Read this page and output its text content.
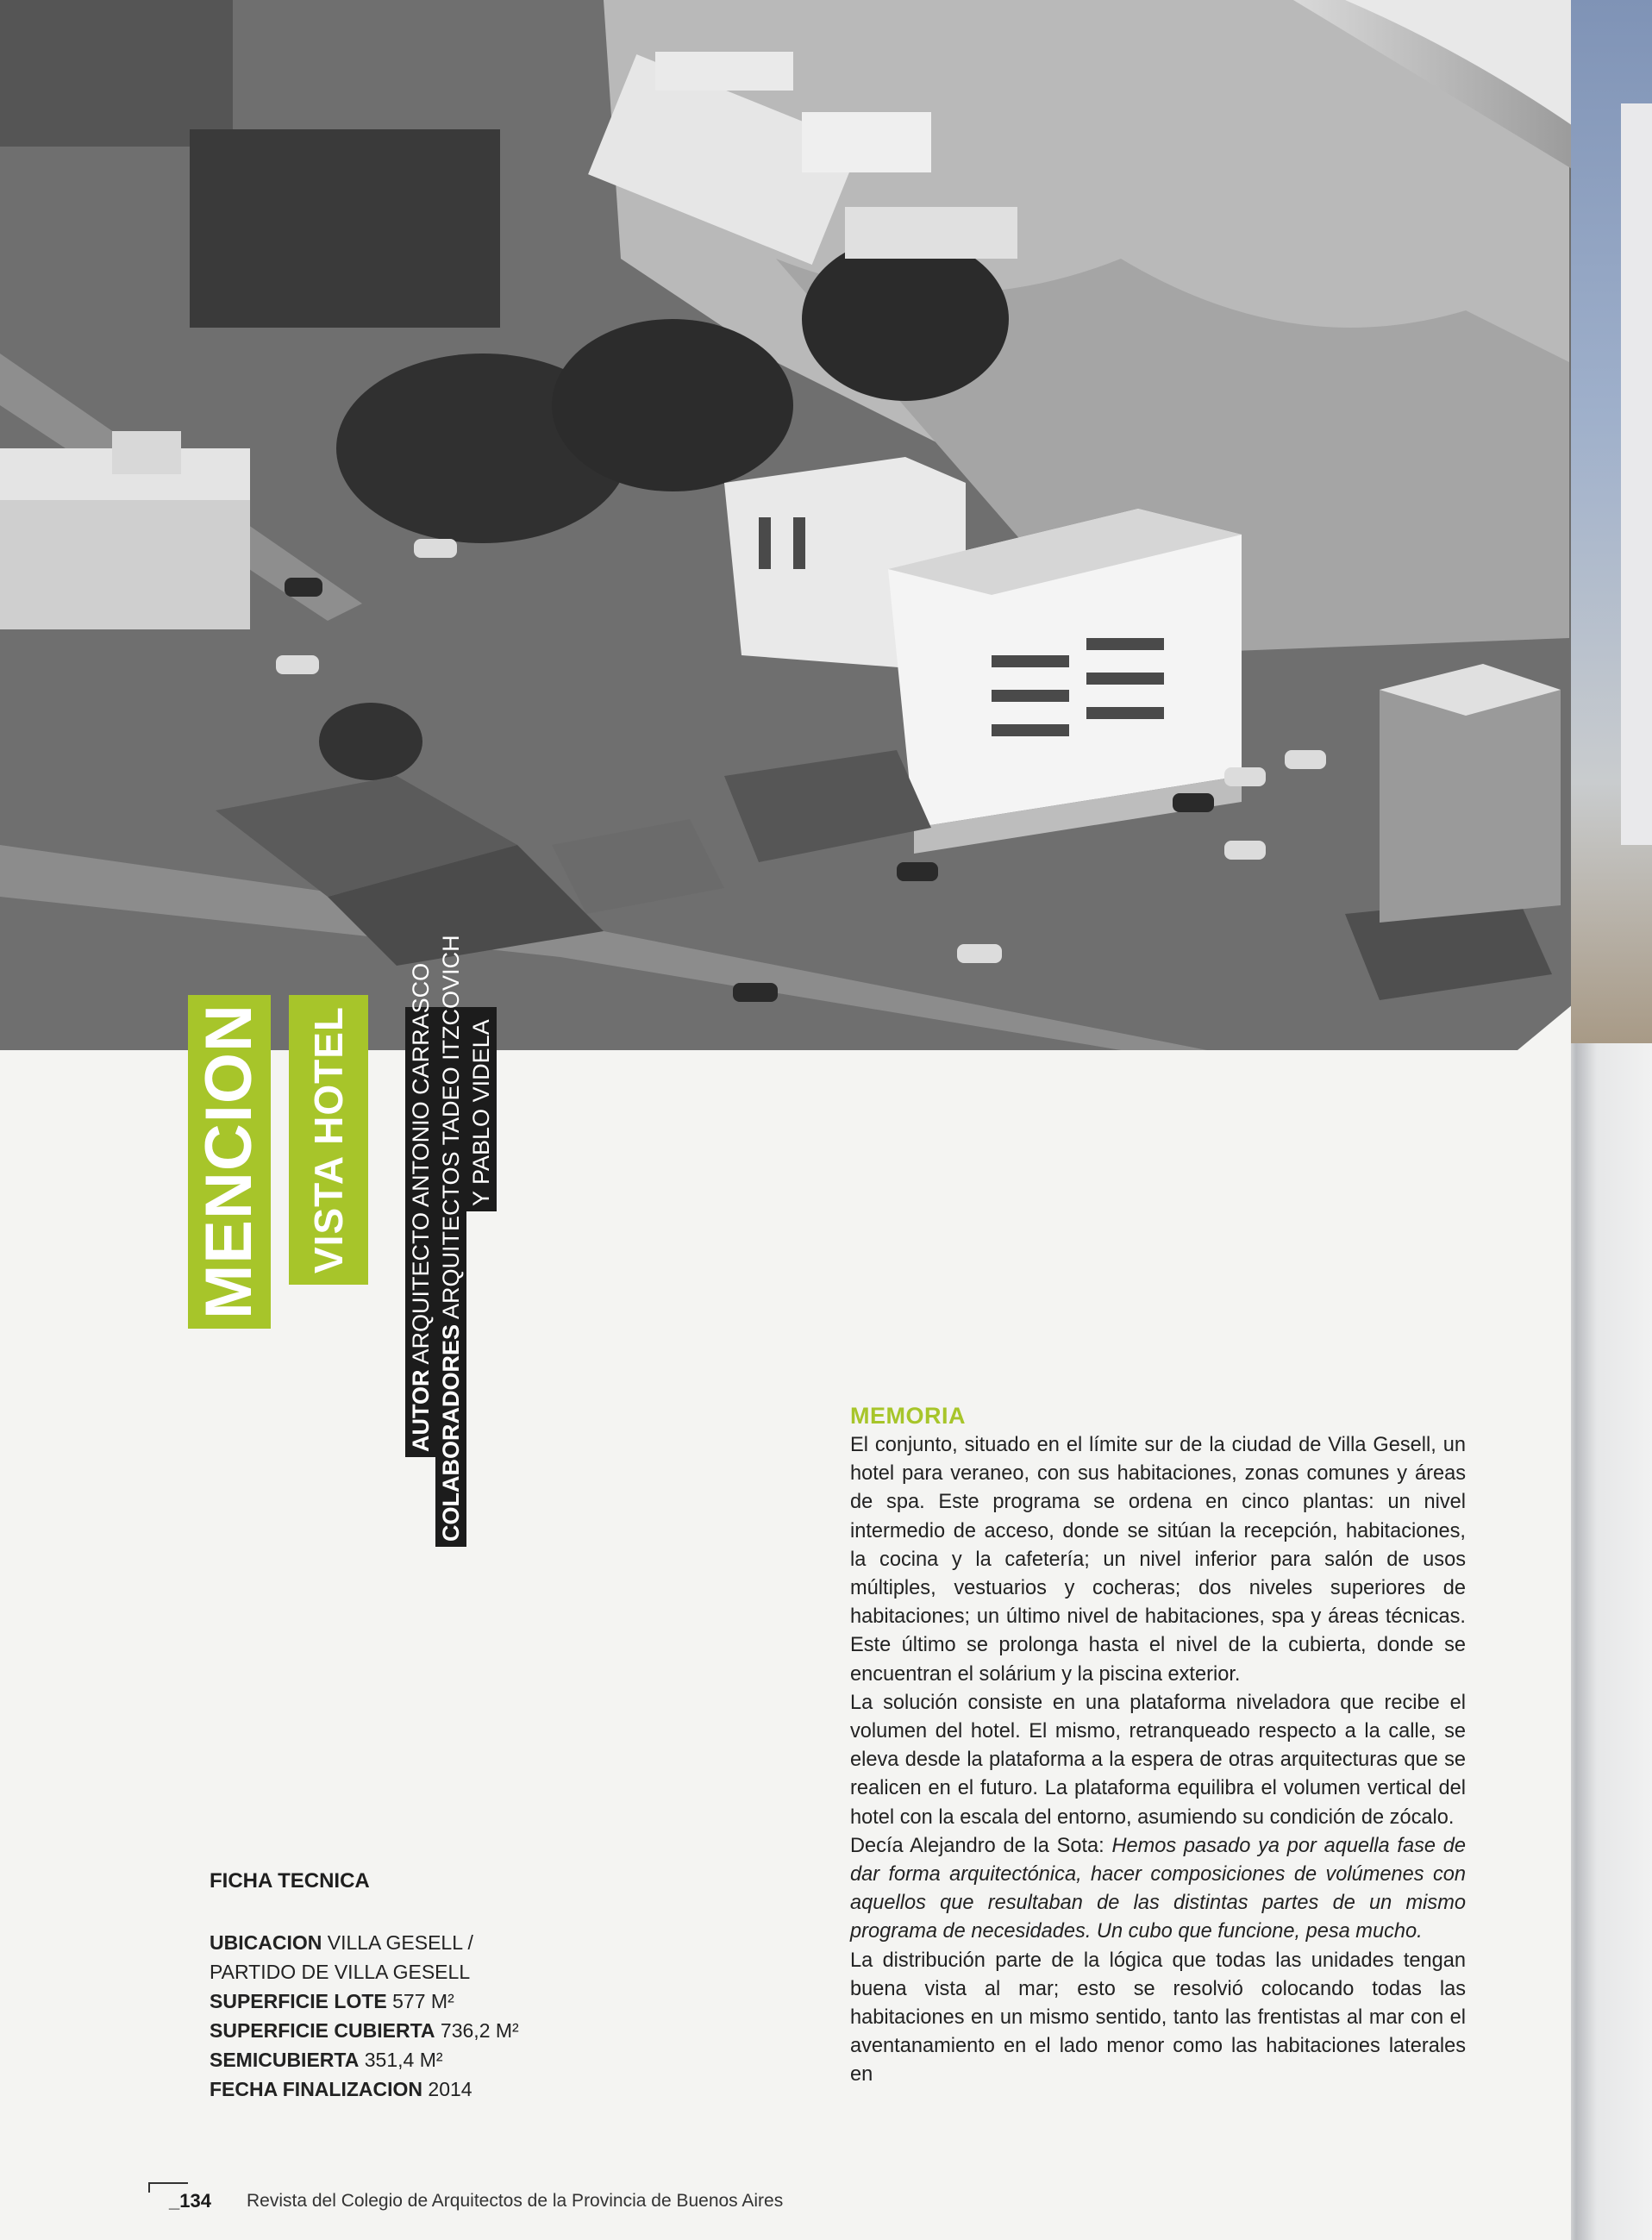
MENCION VISTA HOTEL
AUTOR ARQUITECTO ANTONIO CARRASCO
COLABORADORES ARQUITECTOS TADEO ITZCOVICH Y PABLO VIDELA
MEMORIA

El conjunto, situado en el límite sur de la ciudad de Villa Gesell, un hotel para veraneo, con sus habitaciones, zonas comunes y áreas de spa. Este programa se ordena en cinco plantas: un nivel intermedio de acceso, donde se sitúan la recepción, habitaciones, la cocina y la cafetería; un nivel inferior para salón de usos múltiples, vestuarios y cocheras; dos niveles superiores de habitaciones; un último nivel de habitaciones, spa y áreas técnicas. Este último se prolonga hasta el nivel de la cubierta, donde se encuentran el solárium y la piscina exterior.

La solución consiste en una plataforma niveladora que recibe el volumen del hotel. El mismo, retranqueado respecto a la calle, se eleva desde la plataforma a la espera de otras arquitecturas que se realicen en el futuro. La plataforma equilibra el volumen vertical del hotel con la escala del entorno, asumiendo su condición de zócalo.

Decía Alejandro de la Sota: Hemos pasado ya por aquella fase de dar forma arquitectónica, hacer composiciones de volúmenes con aquellos que resultaban de las distintas partes de un mismo programa de necesidades. Un cubo que funcione, pesa mucho.

La distribución parte de la lógica que todas las unidades tengan buena vista al mar; esto se resolvió colocando todas las habitaciones en un mismo sentido, tanto las frentistas al mar con el aventanamiento en el lado menor como las habitaciones laterales en

FICHA TECNICA
UBICACION VILLA GESELL /
PARTIDO DE VILLA GESELL
SUPERFICIE LOTE 577 M²
SUPERFICIE CUBIERTA 736,2 M²
SEMICUBIERTA 351,4 M²
FECHA FINALIZACION 2014
_134 Revista del Colegio de Arquitectos de la Provincia de Buenos Aires
